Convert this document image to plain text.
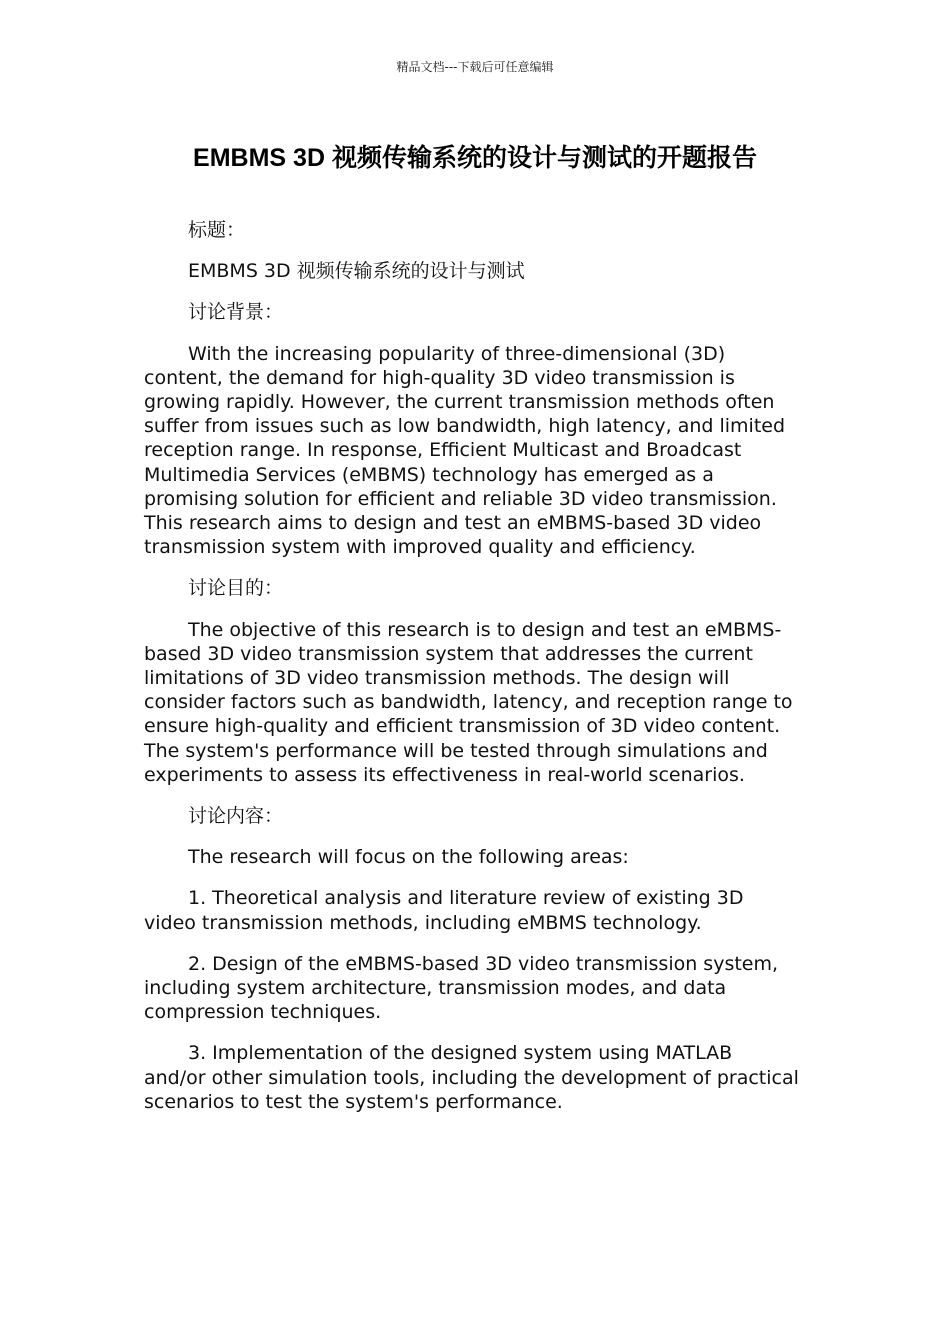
精品文档---下载后可任意编辑
EMBMS 3D 视频传输系统的设计与测试的开题报告

标题：

EMBMS 3D 视频传输系统的设计与测试

讨论背景：

With the increasing popularity of three-dimensional (3D) content, the demand for high-quality 3D video transmission is growing rapidly. However, the current transmission methods often suffer from issues such as low bandwidth, high latency, and limited reception range. In response, Efficient Multicast and Broadcast Multimedia Services (eMBMS) technology has emerged as a promising solution for efficient and reliable 3D video transmission. This research aims to design and test an eMBMS-based 3D video transmission system with improved quality and efficiency.

讨论目的：

The objective of this research is to design and test an eMBMS-based 3D video transmission system that addresses the current limitations of 3D video transmission methods. The design will consider factors such as bandwidth, latency, and reception range to ensure high-quality and efficient transmission of 3D video content. The system's performance will be tested through simulations and experiments to assess its effectiveness in real-world scenarios.

讨论内容：

The research will focus on the following areas:

1. Theoretical analysis and literature review of existing 3D video transmission methods, including eMBMS technology.

2. Design of the eMBMS-based 3D video transmission system, including system architecture, transmission modes, and data compression techniques.

3. Implementation of the designed system using MATLAB and/or other simulation tools, including the development of practical scenarios to test the system's performance.
